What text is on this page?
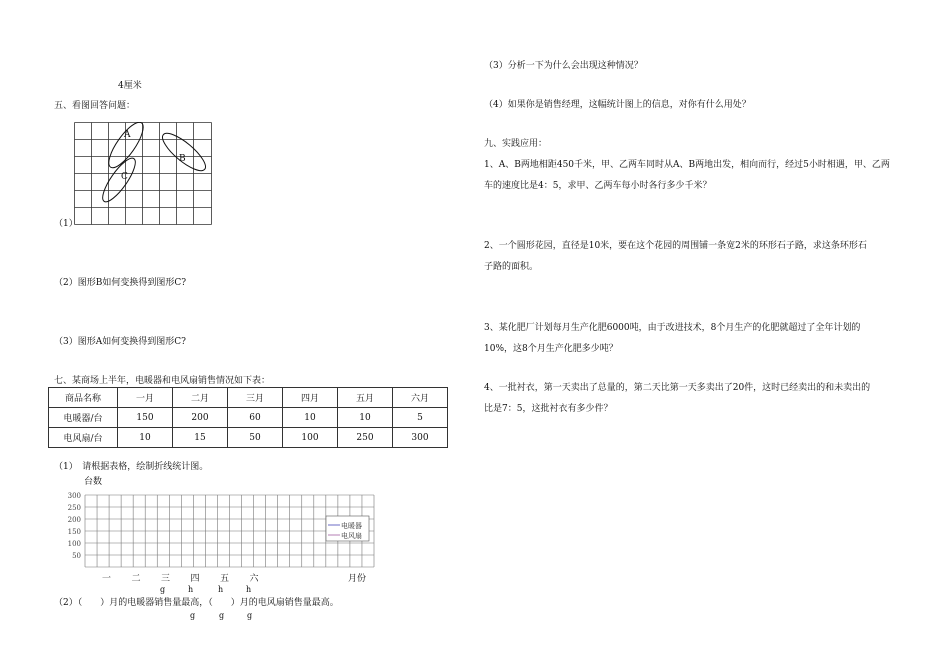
4厘米
五、看图回答问题：
A
B
C
（1）
（2）图形B如何变换得到图形C?
（3）图形A如何变换得到图形C?
七、某商场上半年，电暖器和电风扇销售情况如下表：
商品名称	一月	二月	三月	四月	五月	六月
电暖器/台	150	200	60	10	10	5
电风扇/台	10	15	50	100	250	300
（1）　请根据表格，绘制折线统计图。
台数
50
100
150
200
250
300
一 二 三 四 五 六	月份
电暖器
电风扇
（2）（　　）月的电暖器销售量最高，（　　）月的电风扇销售量最高。
g	h	h	h
g	g	g
（3）分析一下为什么会出现这种情况？
（4）如果你是销售经理，这幅统计图上的信息，对你有什么用处？
九、实践应用：
1、A、B两地相距450千米，甲、乙两车同时从A、B两地出发，相向而行，经过5小时相遇，甲、乙两
车的速度比是4：5，求甲、乙两车每小时各行多少千米？
2、一个圆形花园，直径是10米，要在这个花园的周围铺一条宽2米的环形石子路，求这条环形石
子路的面积。
3、某化肥厂计划每月生产化肥6000吨，由于改进技术，8个月生产的化肥就超过了全年计划的
10%，这8个月生产化肥多少吨？
4、一批衬衣，第一天卖出了总量的，第二天比第一天多卖出了20件，这时已经卖出的和未卖出的
比是7：5，这批衬衣有多少件？
